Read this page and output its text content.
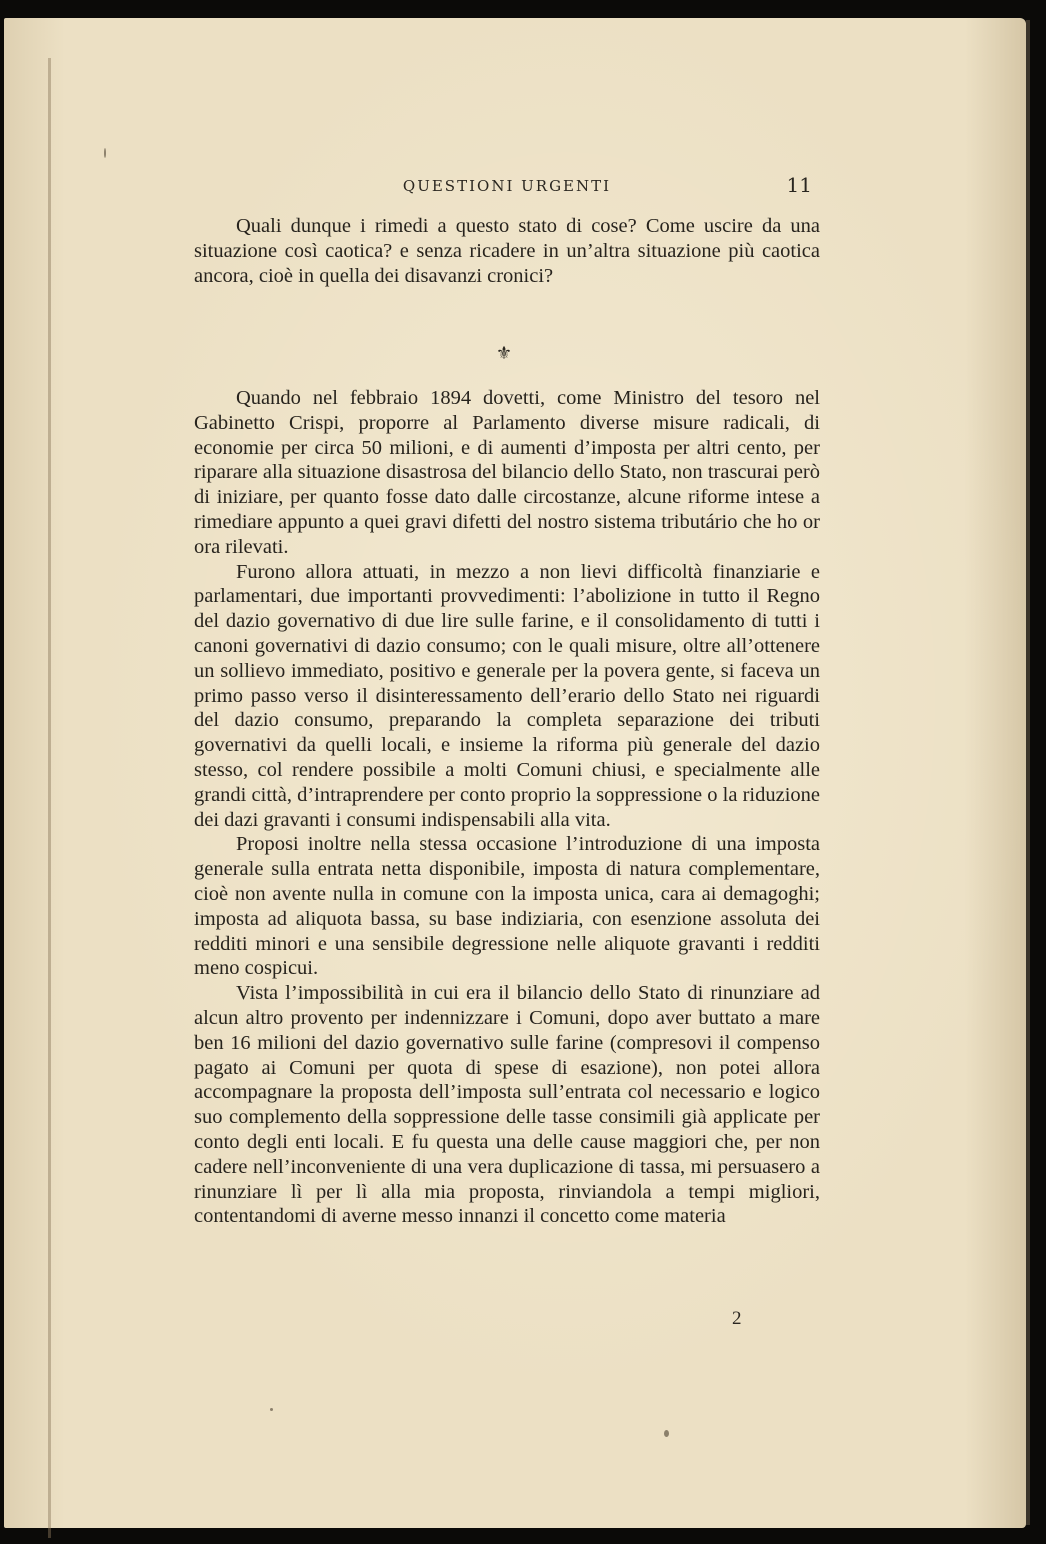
QUESTIONI URGENTI	11

Quali dunque i rimedi a questo stato di cose? Come uscire da una situazione così caotica? e senza ricadere in un’altra situazione più caotica ancora, cioè in quella dei disavanzi cronici?

⚜

Quando nel febbraio 1894 dovetti, come Ministro del tesoro nel Gabinetto Crispi, proporre al Parlamento diverse misure radicali, di economie per circa 50 milioni, e di aumenti d’imposta per altri cento, per riparare alla situazione disastrosa del bilancio dello Stato, non trascurai però di iniziare, per quanto fosse dato dalle circostanze, alcune riforme intese a rimediare appunto a quei gravi difetti del nostro sistema tributário che ho or ora rilevati.

Furono allora attuati, in mezzo a non lievi difficoltà finanziarie e parlamentari, due importanti provvedimenti: l’abolizione in tutto il Regno del dazio governativo di due lire sulle farine, e il consolidamento di tutti i canoni governativi di dazio consumo; con le quali misure, oltre all’ottenere un sollievo immediato, positivo e generale per la povera gente, si faceva un primo passo verso il disinteressamento dell’erario dello Stato nei riguardi del dazio consumo, preparando la completa separazione dei tributi governativi da quelli locali, e insieme la riforma più generale del dazio stesso, col rendere possibile a molti Comuni chiusi, e specialmente alle grandi città, d’intraprendere per conto proprio la soppressione o la riduzione dei dazi gravanti i consumi indispensabili alla vita.

Proposi inoltre nella stessa occasione l’introduzione di una imposta generale sulla entrata netta disponibile, imposta di natura complementare, cioè non avente nulla in comune con la imposta unica, cara ai demagoghi; imposta ad aliquota bassa, su base indiziaria, con esenzione assoluta dei redditi minori e una sensibile degressione nelle aliquote gravanti i redditi meno cospicui.

Vista l’impossibilità in cui era il bilancio dello Stato di rinunziare ad alcun altro provento per indennizzare i Comuni, dopo aver buttato a mare ben 16 milioni del dazio governativo sulle farine (compresovi il compenso pagato ai Comuni per quota di spese di esazione), non potei allora accompagnare la proposta dell’imposta sull’entrata col necessario e logico suo complemento della soppressione delle tasse consimili già applicate per conto degli enti locali. E fu questa una delle cause maggiori che, per non cadere nell’inconveniente di una vera duplicazione di tassa, mi persuasero a rinunziare lì per lì alla mia proposta, rinviandola a tempi migliori, contentandomi di averne messo innanzi il concetto come materia

2
